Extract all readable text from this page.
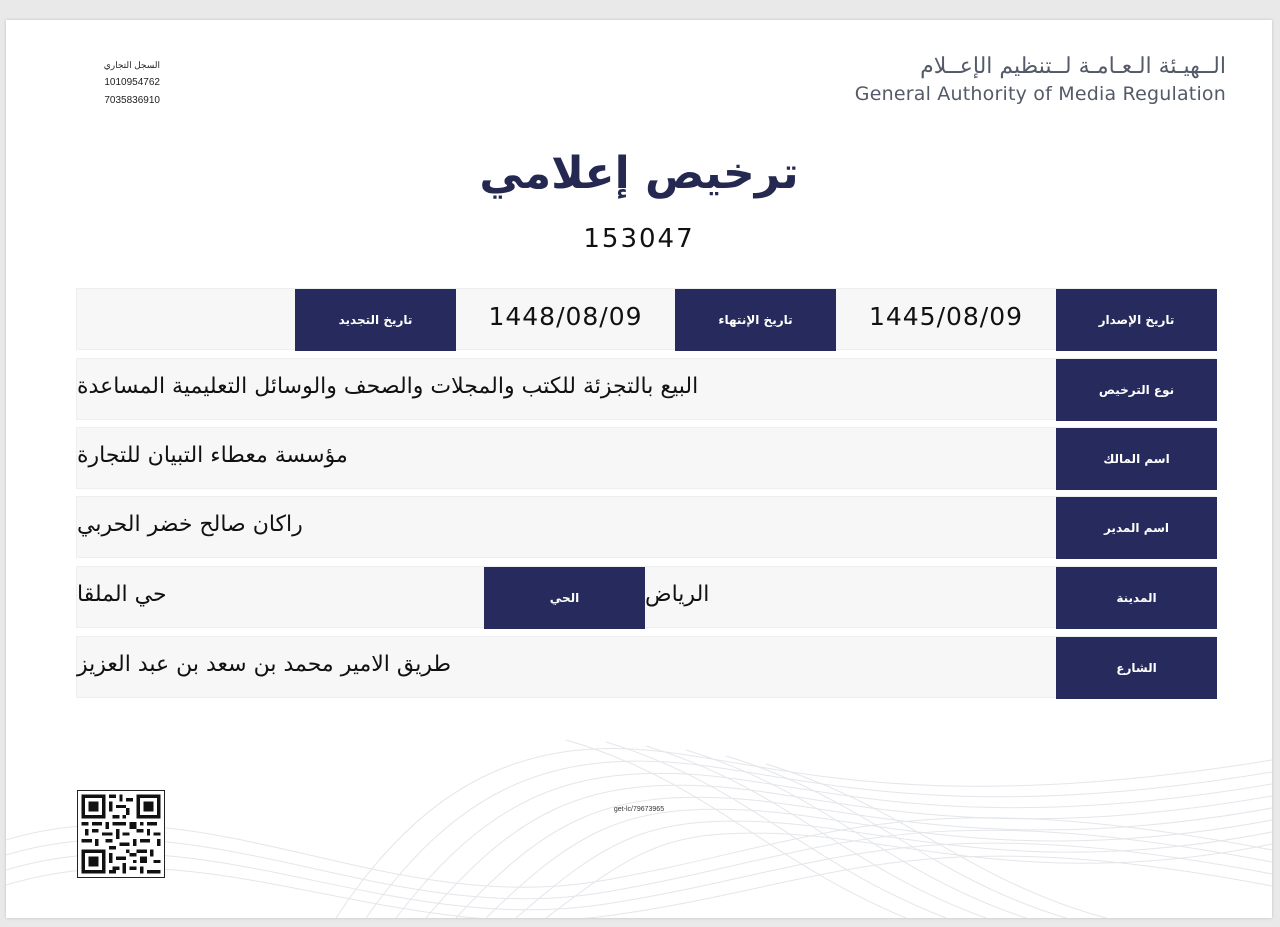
السجل التجاري
1010954762
7035836910
الــهيـئة الـعـامـة لــتنظيم الإعــلام
General Authority of Media Regulation
ترخيص إعلامي
153047
تاريخ الإصدار
1445/08/09
تاريخ الإنتهاء
1448/08/09
تاريخ التجديد
نوع الترخيص
البيع بالتجزئة للكتب والمجلات والصحف والوسائل التعليمية المساعدة
اسم المالك
مؤسسة معطاء التبيان للتجارة
اسم المدير
راكان صالح خضر الحربي
المدينة
الرياض
الحي
حي الملقا
الشارع
طريق الامير محمد بن سعد بن عبد العزيز
get-lc/79673965
